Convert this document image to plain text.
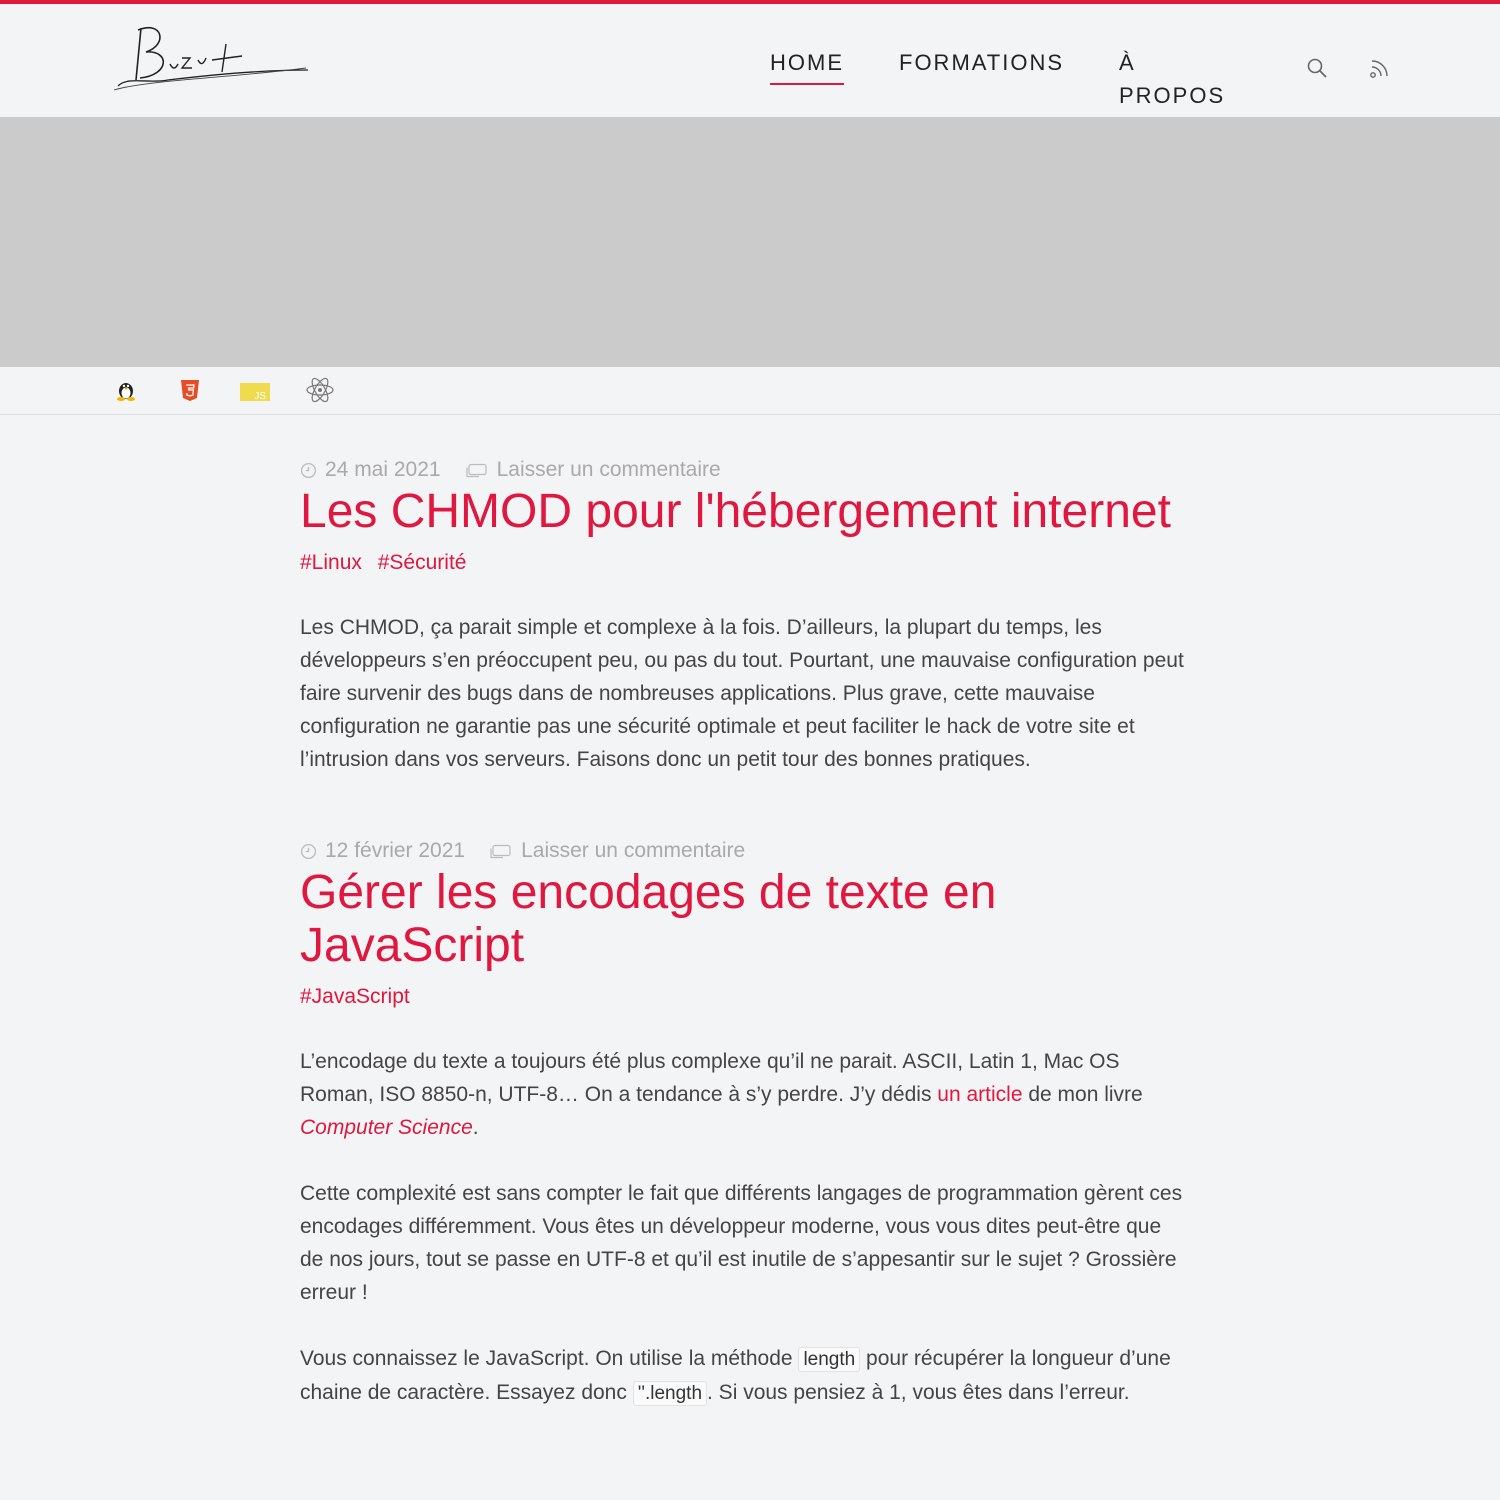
HOME	FORMATIONS À PROPOS
JS
24 mai 2021	Laisser un commentaire
Les CHMOD pour l'hébergement internet
#Linux #Sécurité

Les CHMOD, ça parait simple et complexe à la fois. D’ailleurs, la plupart du temps, les développeurs s’en préoccupent peu, ou pas du tout. Pourtant, une mauvaise configuration peut faire survenir des bugs dans de nombreuses applications. Plus grave, cette mauvaise configuration ne garantie pas une sécurité optimale et peut faciliter le hack de votre site et l’intrusion dans vos serveurs. Faisons donc un petit tour des bonnes pratiques.

12 février 2021	Laisser un commentaire
Gérer les encodages de texte en JavaScript
#JavaScript

L’encodage du texte a toujours été plus complexe qu’il ne parait. ASCII, Latin 1, Mac OS Roman, ISO 8850-n, UTF-8… On a tendance à s’y perdre. J’y dédis un article de mon livre Computer Science.

Cette complexité est sans compter le fait que différents langages de programmation gèrent ces encodages différemment. Vous êtes un développeur moderne, vous vous dites peut-être que de nos jours, tout se passe en UTF-8 et qu’il est inutile de s’appesantir sur le sujet ? Grossière erreur !

Vous connaissez le JavaScript. On utilise la méthode length pour récupérer la longueur d’une chaine de caractère. Essayez donc ''.length . Si vous pensiez à 1, vous êtes dans l’erreur.
